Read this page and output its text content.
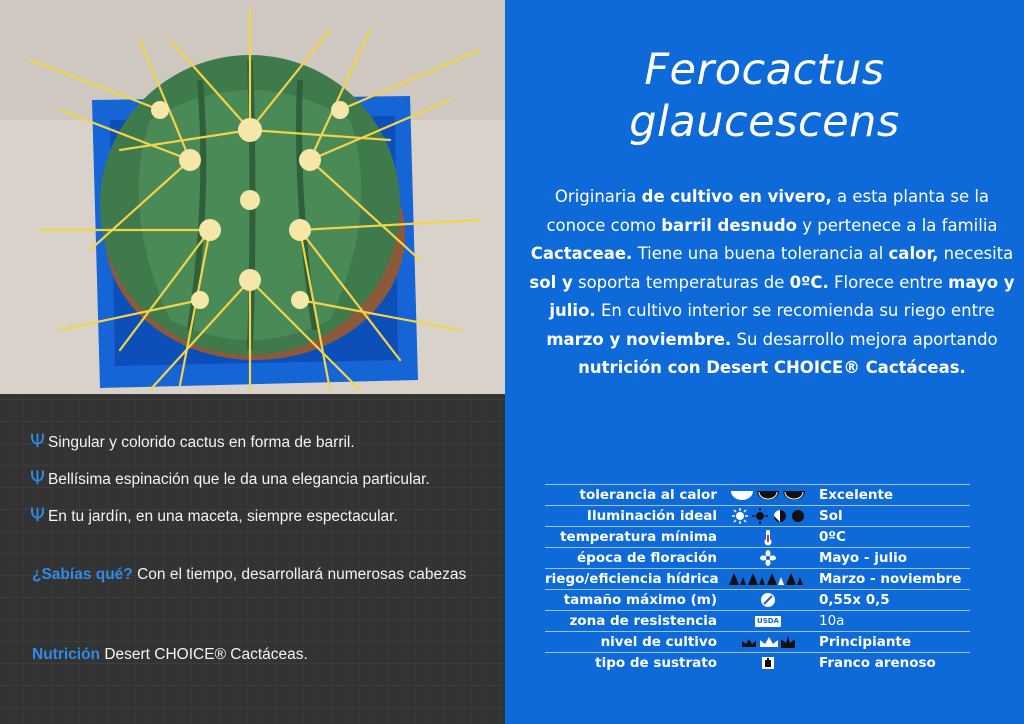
Ψ Singular y colorido cactus en forma de barril.
Ψ Bellísima espinación que le da una elegancia particular.
Ψ En tu jardín, en una maceta, siempre espectacular.
¿Sabías qué? Con el tiempo, desarrollará numerosas cabezas
Nutrición Desert CHOICE® Cactáceas.
Ferocactus
glaucescens
Originaria de cultivo en vivero, a esta planta se la conoce como barril desnudo y pertenece a la familia Cactaceae. Tiene una buena tolerancia al calor, necesita sol y soporta temperaturas de 0ºC. Florece entre mayo y julio. En cultivo interior se recomienda su riego entre marzo y noviembre. Su desarrollo mejora aportando nutrición con Desert CHOICE® Cactáceas.
tolerancia al calor	Excelente
Iluminación ideal	Sol
temperatura mínima	0ºC
época de floración	Mayo - julio
riego/eficiencia hídrica	Marzo - noviembre
tamaño máximo (m)	0,55x 0,5
zona de resistencia	USDA	10a
nivel de cultivo	Principiante
tipo de sustrato	Franco arenoso
